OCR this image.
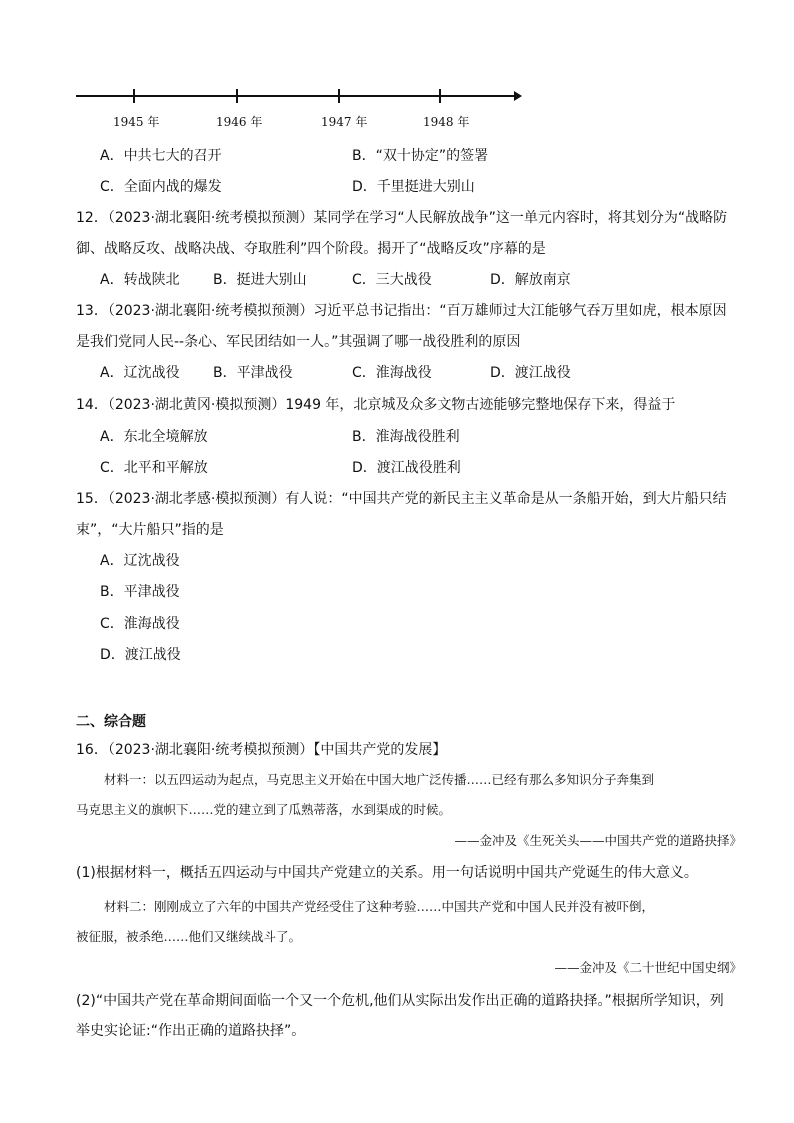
1945 年	1946 年	1947 年	1948 年
A．中共七大的召开	B．“双十协定”的签署
C．全面内战的爆发	D．千里挺进大别山
12．（2023·湖北襄阳·统考模拟预测）某同学在学习“人民解放战争”这一单元内容时，将其划分为“战略防
御、战略反攻、战略决战、夺取胜利”四个阶段。揭开了“战略反攻”序幕的是
A．转战陕北 B．挺进大别山	C．三大战役	D．解放南京
13．（2023·湖北襄阳·统考模拟预测）习近平总书记指出：“百万雄师过大江能够气吞万里如虎，根本原因
是我们党同人民--条心、军民团结如一人。”其强调了哪一战役胜利的原因
A．辽沈战役 B．平津战役	C．淮海战役	D．渡江战役
14．（2023·湖北黄冈·模拟预测）1949 年，北京城及众多文物古迹能够完整地保存下来，得益于
A．东北全境解放	B．淮海战役胜利
C．北平和平解放	D．渡江战役胜利
15．（2023·湖北孝感·模拟预测）有人说：“中国共产党的新民主主义革命是从一条船开始，到大片船只结
束”，“大片船只”指的是
A．辽沈战役
B．平津战役
C．淮海战役
D．渡江战役
二、综合题
16．（2023·湖北襄阳·统考模拟预测）【中国共产党的发展】
材料一：以五四运动为起点，马克思主义开始在中国大地广泛传播……已经有那么多知识分子奔集到
马克思主义的旗帜下……党的建立到了瓜熟蒂落，水到渠成的时候。
——金冲及《生死关头——中国共产党的道路抉择》
(1)根据材料一，概括五四运动与中国共产党建立的关系。用一句话说明中国共产党诞生的伟大意义。
材料二：刚刚成立了六年的中国共产党经受住了这种考验……中国共产党和中国人民并没有被吓倒，
被征服，被杀绝……他们又继续战斗了。
——金冲及《二十世纪中国史纲》
(2)“中国共产党在革命期间面临一个又一个危机,他们从实际出发作出正确的道路抉择。”根据所学知识，列
举史实论证:“作出正确的道路抉择”。
